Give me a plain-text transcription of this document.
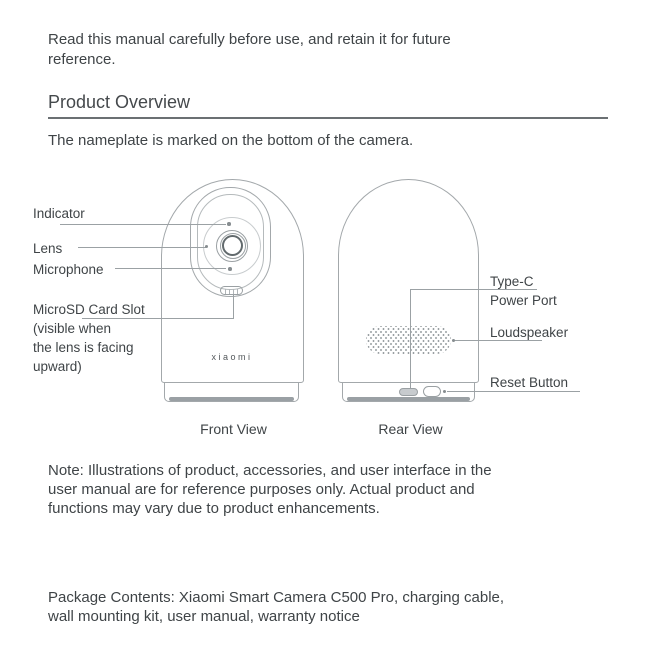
Read this manual carefully before use, and retain it for future
reference.
Product Overview
The nameplate is marked on the bottom of the camera.
xiaomi
Indicator
Lens
Microphone
MicroSD Card Slot
(visible when
the lens is facing
upward)
Type-C
Power Port
Loudspeaker
Reset Button
Front View	Rear View
Note: Illustrations of product, accessories, and user interface in the
user manual are for reference purposes only. Actual product and
functions may vary due to product enhancements.
Package Contents: Xiaomi Smart Camera C500 Pro, charging cable,
wall mounting kit, user manual, warranty notice
